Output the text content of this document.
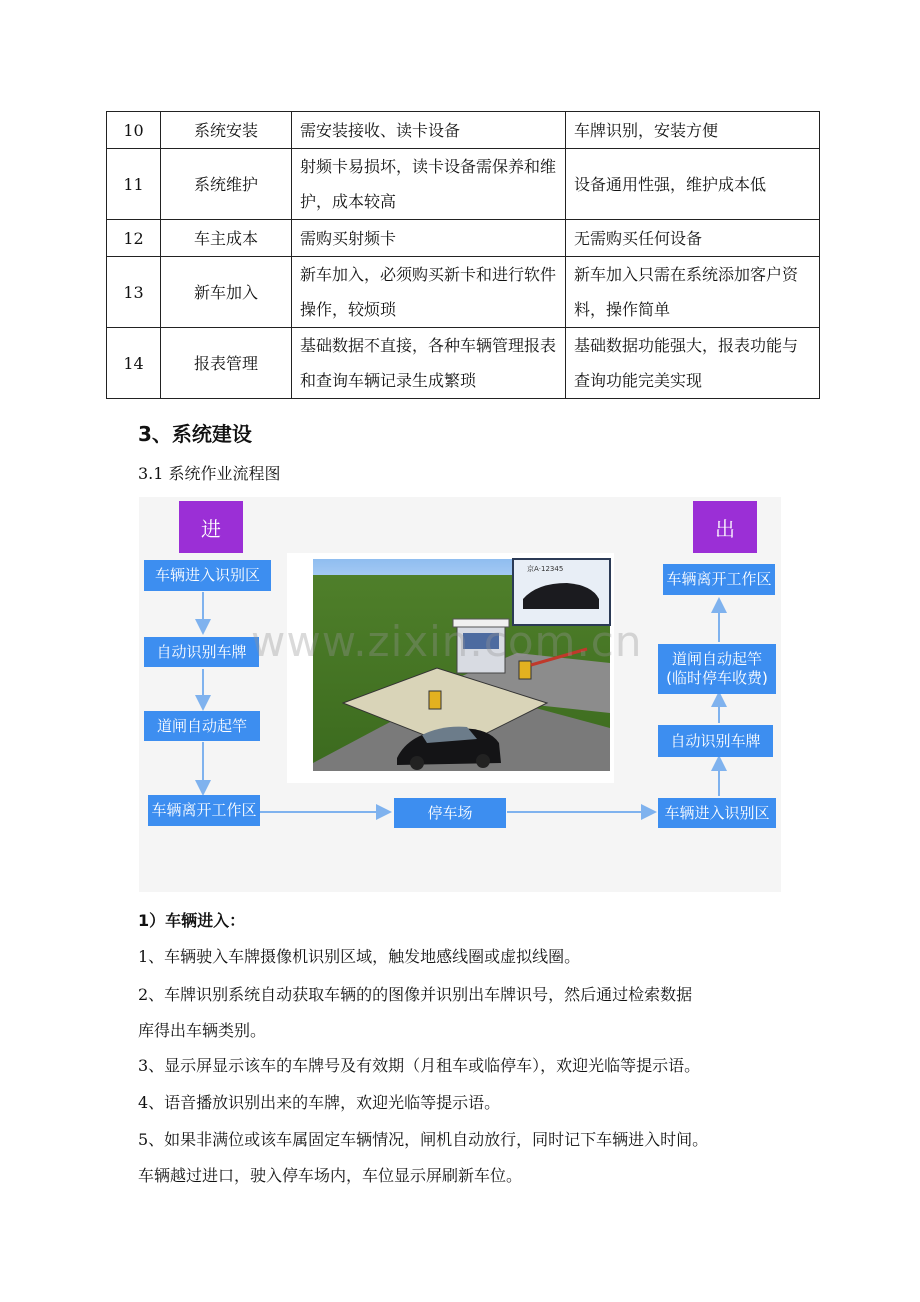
10	系统安装	需安装接收、读卡设备	车牌识别，安装方便
11	系统维护	射频卡易损坏，读卡设备需保养和维护，成本较高	设备通用性强，维护成本低
12	车主成本	需购买射频卡	无需购买任何设备
13	新车加入	新车加入，必须购买新卡和进行软件操作，较烦琐	新车加入只需在系统添加客户资料，操作简单
14	报表管理	基础数据不直接，各种车辆管理报表和查询车辆记录生成繁琐	基础数据功能强大，报表功能与查询功能完美实现
3、系统建设
3.1 系统作业流程图
进	出
车辆进入识别区
自动识别车牌
道闸自动起竿
车辆离开工作区	停车场	车辆进入识别区
自动识别车牌
道闸自动起竿
(临时停车收费)
车辆离开工作区
京A·12345
www.zixin.com.cn
1）车辆进入：
1、车辆驶入车牌摄像机识别区域，触发地感线圈或虚拟线圈。
2、车牌识别系统自动获取车辆的的图像并识别出车牌识号，然后通过检索数据
库得出车辆类别。
3、显示屏显示该车的车牌号及有效期（月租车或临停车），欢迎光临等提示语。
4、语音播放识别出来的车牌，欢迎光临等提示语。
5、如果非满位或该车属固定车辆情况，闸机自动放行，同时记下车辆进入时间。
车辆越过进口，驶入停车场内，车位显示屏刷新车位。
